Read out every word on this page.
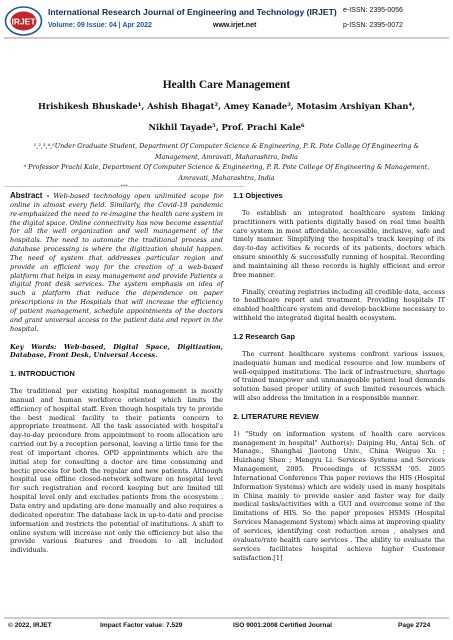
IRJET
International Research Journal of Engineering and Technology (IRJET) e-ISSN: 2395-0056
Volume: 09 Issue: 04 | Apr 2022	www.irjet.net	p-ISSN: 2395-0072
Health Care Management
Hrishikesh Bhuskade¹, Ashish Bhagat², Amey Kanade³, Motasim Arshiyan Khan⁴,
Nikhil Tayade⁵, Prof. Prachi Kale⁶
¹,²,³,⁴,⁵Under Graduate Student, Department Of Computer Science & Engineering, P. R. Pote College Of Engineering & Management, Amravati, Maharashtra, India
⁶ Professor Prachi Kale, Department Of Computer Science & Engineering, P. R. Pote College Of Engineering & Management, Amravati, Maharashtra, India
---------------------------------------------------------------------***---------------------------------------------------------------------

Abstract - Web-based technology open unlimited scope for online in almost every field. Similarly, the Covid-19 pandemic re-emphasized the need to re-imagine the health care system in the digital space. Online connectivity has now become essential for all the well organization and well management of the hospitals. The need to automate the traditional process and database processing is where the digitization should happen. The need of system that addresses particular region and provide an efficient way for the creation of a web-based platform that helps in easy management and provide Patients a digital front desk services. The system emphasis on idea of such a platform that reduce the dependence on paper prescriptions in the Hospitals that will increase the efficiency of patient management, schedule appointments of the doctors and grant universal access to the patient data and report in the hospital.

Key Words: Web-based, Digital Space, Digitization, Database, Front Desk, Universal Access.

1. INTRODUCTION

The traditional per existing hospital management is mostly manual and human workforce oriented which limits the efficiency of hospital staff. Even though hospitals try to provide the best medical facility to their patients concern to appropriate treatment. All the task associated with hospital's day-to-day procedure from appointment to room allocation are carried out by a reception personal, leaving a little time for the rest of important chores. OPD appointments which are the initial step for consulting a doctor are time consuming and hectic process for both the regular and new patients. Although hospital use offline closed-network software on hospital level for such registration and record keeping but are limited till hospital level only and excludes patients from the ecosystem . Data entry and updating are done manually and also requires a dedicated operator. The database lack in up-to-date and precise information and restricts the potential of institutions. A shift to online system will increase not only the efficiency but also the provide various features and freedom to all included individuals.

1.1 Objectives

To establish an integrated healthcare system linking practitioners with patients digitally based on real time health care system in most affordable, accessible, inclusive, safe and timely manner. Simplifying the hospital's track keeping of its day-to-day activities & records of its patients, doctors which ensure smoothly & successfully running of hospital. Recording and maintaining all these records is highly efficient and error free manner.

Finally, creating registries including all credible data, access to healthcare report and treatment. Providing hospitals IT enabled healthcare system and develop backbone necessary to withheld the integrated digital health ecosystem.

1.2 Research Gap

The current healthcare systems confront various issues, inadequate human and medical resource and low numbers of well-equipped institutions. The lack of infrastructure, shortage of trained manpower and unmanageable patient load demands solution based proper utility of such limited resources which will also address the limitation in a responsible manner.

2. LITERATURE REVIEW

1) "Study on information system of health care services management in hospital" Author(s): Daiping Hu, Antai Sch. of Manage., Shanghai Jiaotong Univ., China Weiguo Xu ; Huizhang Shen ; Mengyu Li. Services Systems and Services Management, 2005. Proceedings of ICSSSM '05. 2005 International Conference This paper reviews the HIS (Hospital Information Systems) which are widely used in many hospitals in China mainly to provide easier and faster way for daily medical tasks/activities with a GUI and overcome some of the limitations of HIS. So the paper proposes HSMS (Hospital Services Management System) which aims at improving quality of services, identifying cost reduction areas , analyses and evaluate/rate health care services . The ability to evaluate the services facilitates hospital achieve higher Customer satisfaction.[1]

© 2022, IRJET	Impact Factor value: 7.529	ISO 9001:2008 Certified Journal	Page 2724
